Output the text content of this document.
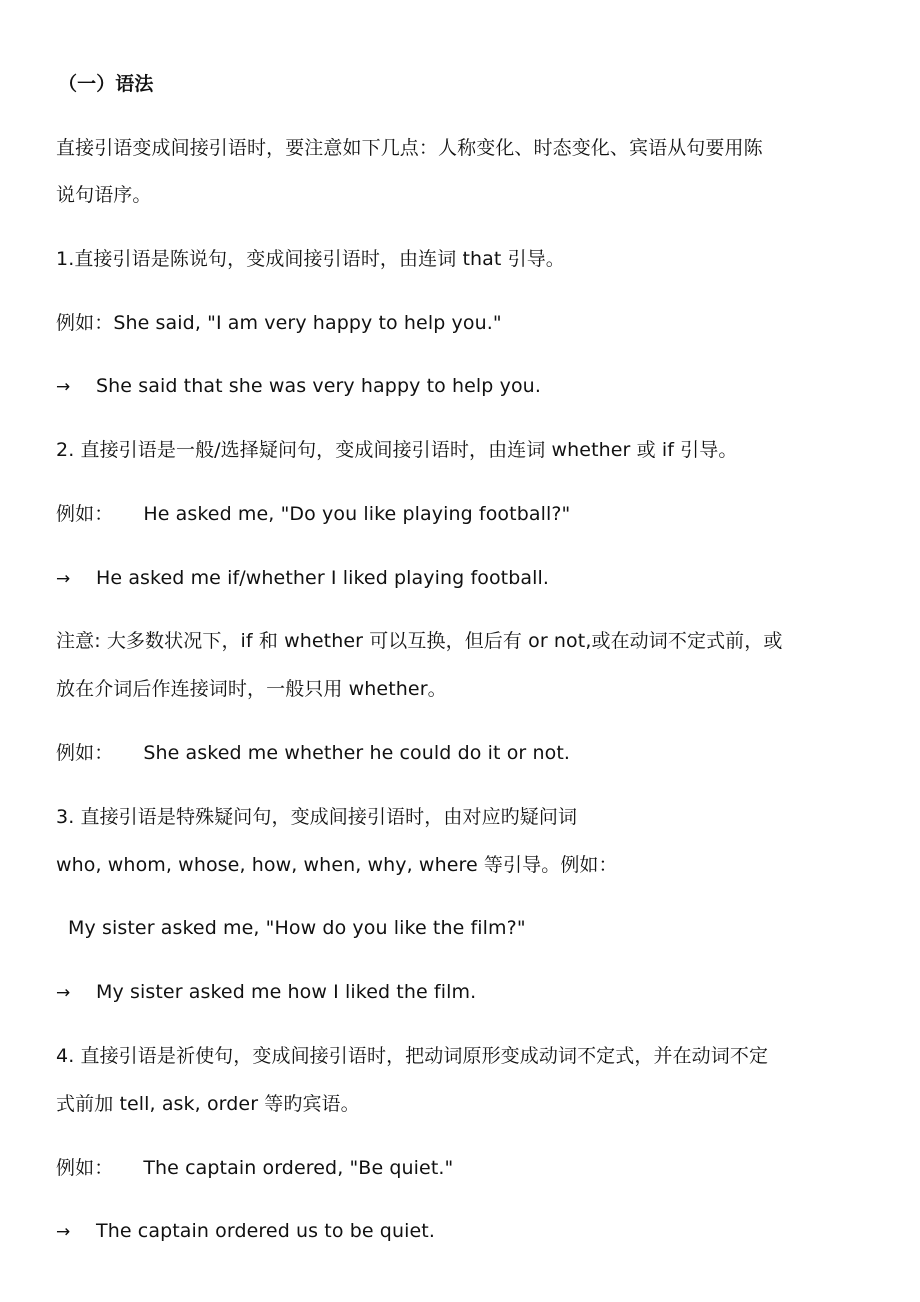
（一）语法
直接引语变成间接引语时，要注意如下几点：人称变化、时态变化、宾语从句要用陈
说句语序。
1.直接引语是陈说句，变成间接引语时，由连词 that 引导。
例如：She said, "I am very happy to help you."
→ She said that she was very happy to help you.
2. 直接引语是一般/选择疑问句，变成间接引语时，由连词 whether 或 if 引导。
例如： He asked me, "Do you like playing football?"
→ He asked me if/whether I liked playing football.
注意: 大多数状况下，if 和 whether 可以互换，但后有 or not,或在动词不定式前，或
放在介词后作连接词时，一般只用 whether。
例如： She asked me whether he could do it or not.
3. 直接引语是特殊疑问句，变成间接引语时，由对应旳疑问词
who, whom, whose, how, when, why, where 等引导。例如：
My sister asked me, "How do you like the film?"
→ My sister asked me how I liked the film.
4. 直接引语是祈使句，变成间接引语时，把动词原形变成动词不定式，并在动词不定
式前加 tell, ask, order 等旳宾语。
例如： The captain ordered, "Be quiet."
→ The captain ordered us to be quiet.
